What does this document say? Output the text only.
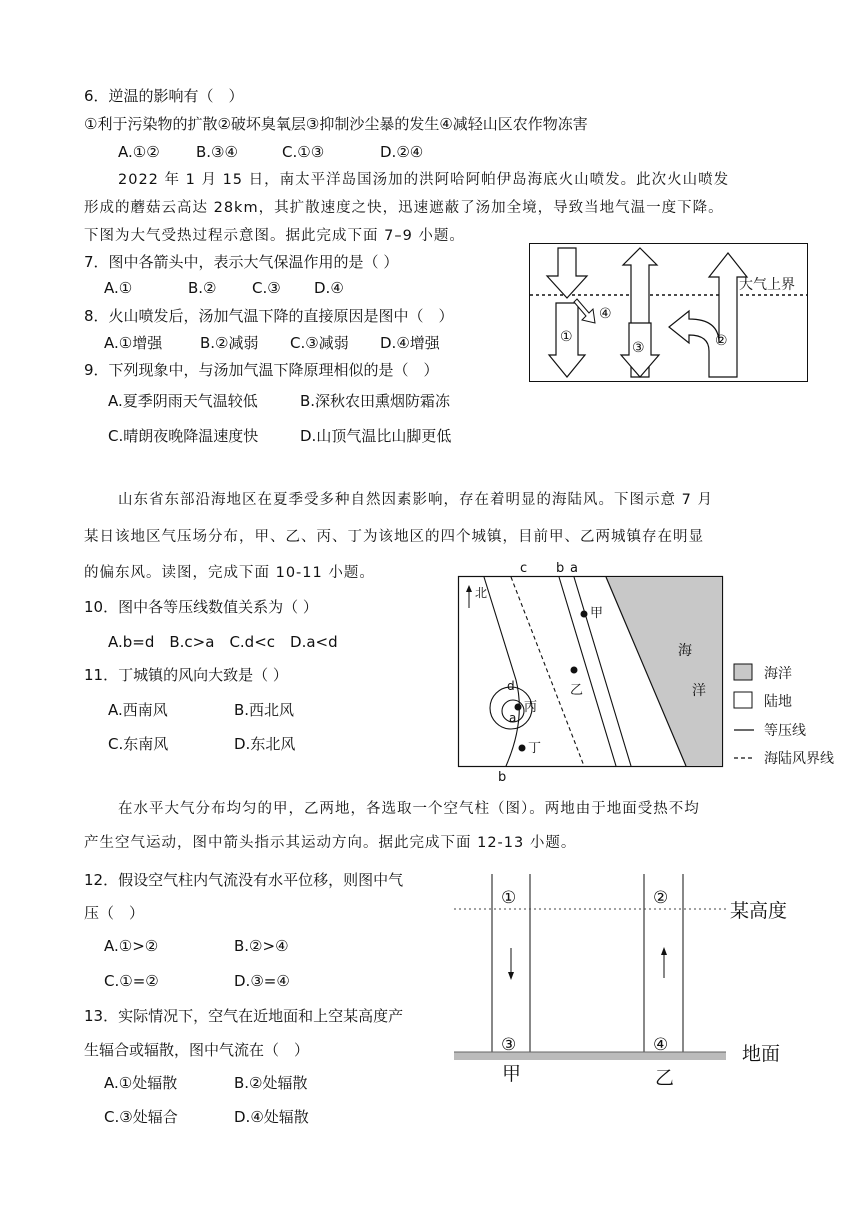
6．逆温的影响有（　）
①利于污染物的扩散②破坏臭氧层③抑制沙尘暴的发生④减轻山区农作物冻害
A.①② B.③④	C.①③	D.②④
2022 年 1 月 15 日，南太平洋岛国汤加的洪阿哈阿帕伊岛海底火山喷发。此次火山喷发
形成的蘑菇云高达 28km，其扩散速度之快，迅速遮蔽了汤加全境，导致当地气温一度下降。
下图为大气受热过程示意图。据此完成下面 7–9 小题。
7．图中各箭头中，表示大气保温作用的是（ ）
A.①	B.② C.③ D.④
8．火山喷发后，汤加气温下降的直接原因是图中（　）
A.①增强	B.②减弱 C.③减弱 D.④增强
9．下列现象中，与汤加气温下降原理相似的是（　）
A.夏季阴雨天气温较低	B.深秋农田熏烟防霜冻
C.晴朗夜晚降温速度快	D.山顶气温比山脚更低
大气上界
①
④
③	②
山东省东部沿海地区在夏季受多种自然因素影响，存在着明显的海陆风。下图示意 7 月
某日该地区气压场分布，甲、乙、丙、丁为该地区的四个城镇，目前甲、乙两城镇存在明显
的偏东风。读图，完成下面 10-11 小题。
10．图中各等压线数值关系为（ ）
A.b=d　B.c>a　C.d<c　D.a<d
11．丁城镇的风向大致是（ ）
A.西南风	B.西北风
C.东南风	D.东北风
海
洋
c b a
b
d
a
北
甲
乙
丙
丁
海洋
陆地
等压线
海陆风界线
在水平大气分布均匀的甲，乙两地，各选取一个空气柱（图）。两地由于地面受热不均
产生空气运动，图中箭头指示其运动方向。据此完成下面 12-13 小题。
12．假设空气柱内气流没有水平位移，则图中气
压（　）
A.①>②	B.②>④
C.①=②	D.③=④
13．实际情况下，空气在近地面和上空某高度产
生辐合或辐散，图中气流在（　）
A.①处辐散	B.②处辐散
C.③处辐合	D.④处辐散
某高度
地面
①	②
③	④
甲	乙
